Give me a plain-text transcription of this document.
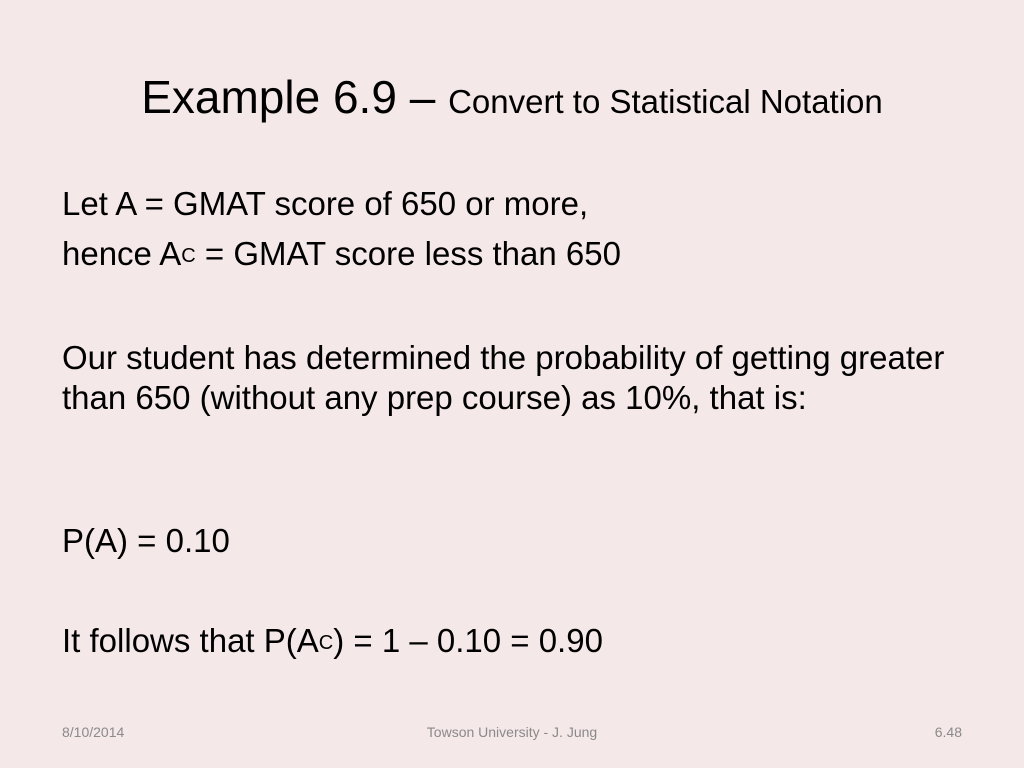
Example 6.9 – Convert to Statistical Notation
Let A = GMAT score of 650 or more,
hence $A^C$ = GMAT score less than 650
Our student has determined the probability of getting greater than 650 (without any prep course) as 10%, that is:
P(A) = 0.10
It follows that $P(A^C) = 1 - 0.10 = 0.90$
8/10/2014	Towson University - J. Jung	6.48
